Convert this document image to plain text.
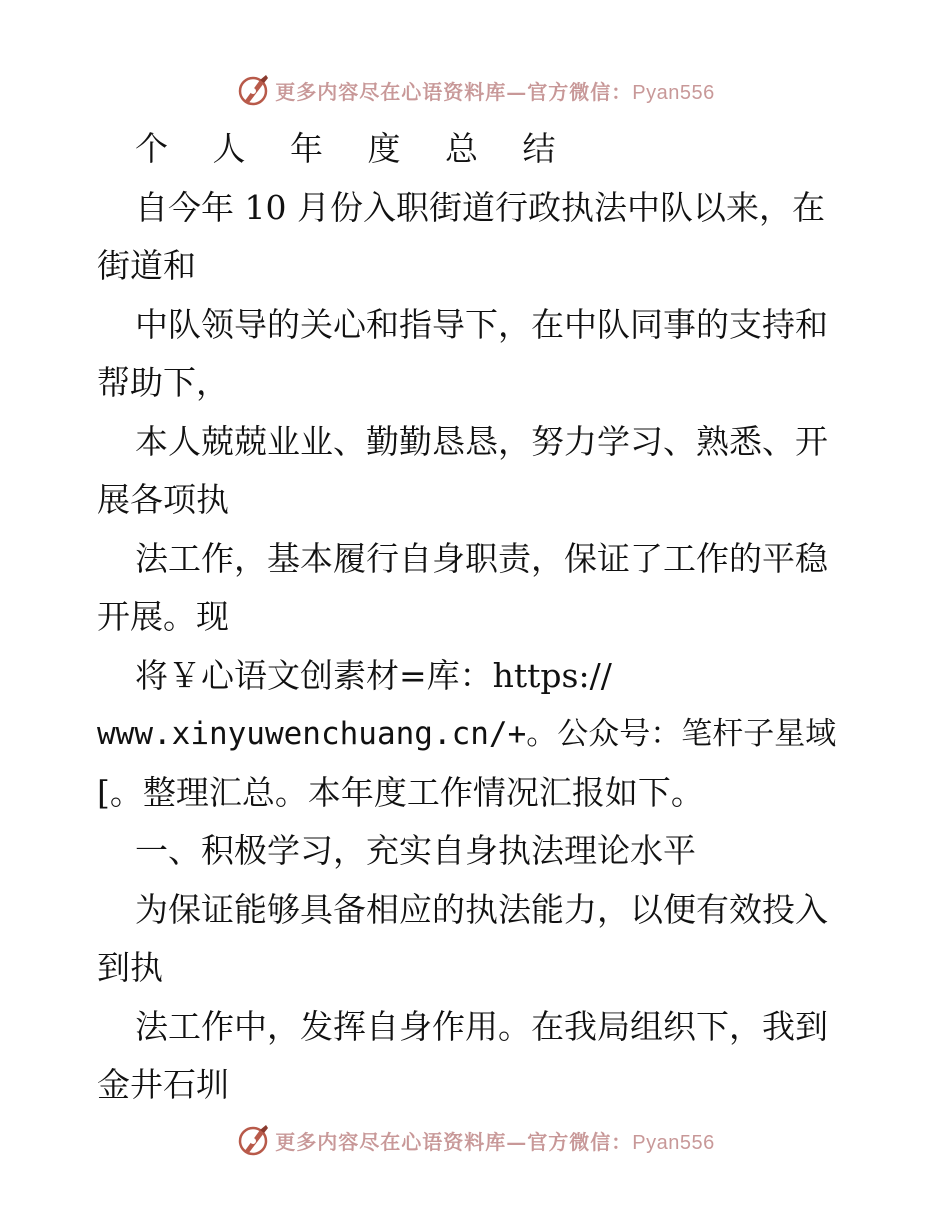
更多内容尽在心语资料库—官方微信：Pyan556
个 人 年 度 总 结
自今年 10 月份入职街道行政执法中队以来，在
街道和
中队领导的关心和指导下，在中队同事的支持和
帮助下，
本人兢兢业业、勤勤恳恳，努力学习、熟悉、开
展各项执
法工作，基本履行自身职责，保证了工作的平稳
开展。现
将￥心语文创素材=库：https://
www.xinyuwenchuang.cn/+。公众号：笔杆子星域
[。整理汇总。本年度工作情况汇报如下。
一、积极学习，充实自身执法理论水平
为保证能够具备相应的执法能力，以便有效投入
到执
法工作中，发挥自身作用。在我局组织下，我到
金井石圳
更多内容尽在心语资料库—官方微信：Pyan556
